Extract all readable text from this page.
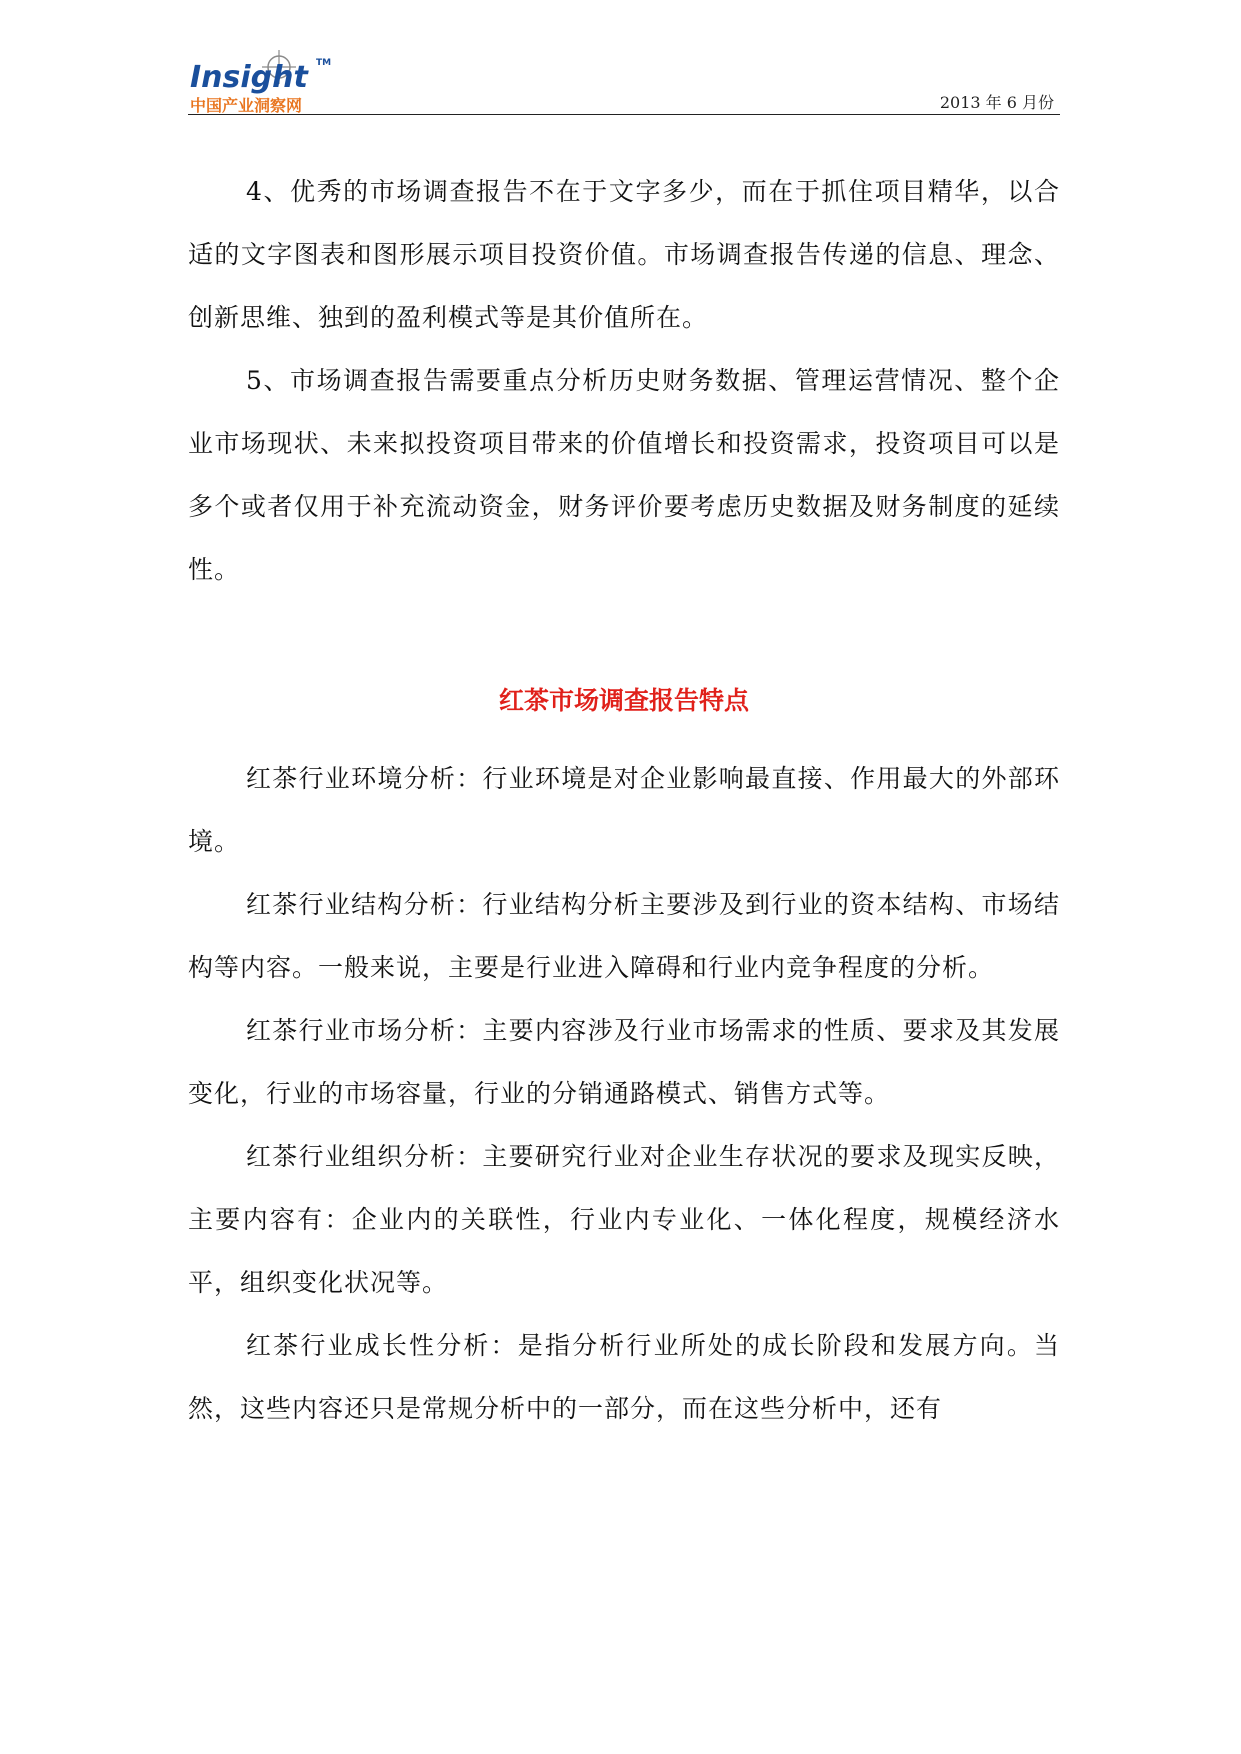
Insight TM
中国产业洞察网	2013 年 6 月份

4、优秀的市场调查报告不在于文字多少，而在于抓住项目精华，以合适的文字图表和图形展示项目投资价值。市场调查报告传递的信息、理念、创新思维、独到的盈利模式等是其价值所在。

5、市场调查报告需要重点分析历史财务数据、管理运营情况、整个企业市场现状、未来拟投资项目带来的价值增长和投资需求，投资项目可以是多个或者仅用于补充流动资金，财务评价要考虑历史数据及财务制度的延续性。

红茶市场调查报告特点

红茶行业环境分析：行业环境是对企业影响最直接、作用最大的外部环境。

红茶行业结构分析：行业结构分析主要涉及到行业的资本结构、市场结构等内容。一般来说，主要是行业进入障碍和行业内竞争程度的分析。

红茶行业市场分析：主要内容涉及行业市场需求的性质、要求及其发展变化，行业的市场容量，行业的分销通路模式、销售方式等。

红茶行业组织分析：主要研究行业对企业生存状况的要求及现实反映，主要内容有：企业内的关联性，行业内专业化、一体化程度，规模经济水平，组织变化状况等。

红茶行业成长性分析：是指分析行业所处的成长阶段和发展方向。当然，这些内容还只是常规分析中的一部分，而在这些分析中，还有
